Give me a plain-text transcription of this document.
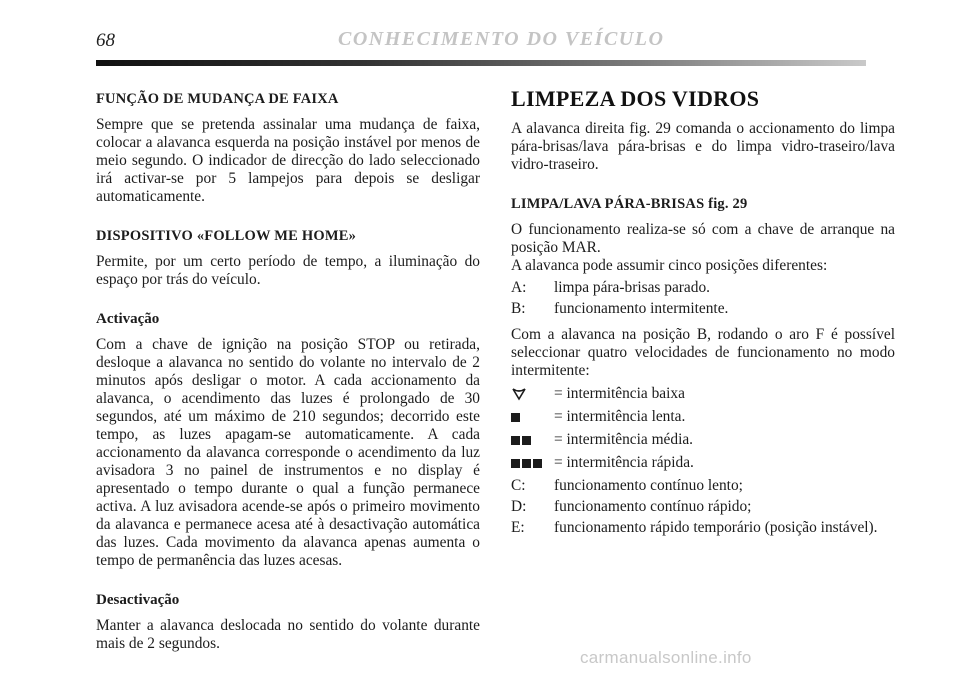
68	CONHECIMENTO DO VEÍCULO
FUNÇÃO DE MUDANÇA DE FAIXA

Sempre que se pretenda assinalar uma mudança de faixa, colocar a alavanca esquerda na posição instável por menos de meio segundo. O indicador de direcção do lado seleccionado irá activar-se por 5 lampejos para depois se desligar automaticamente.

DISPOSITIVO «FOLLOW ME HOME»

Permite, por um certo período de tempo, a iluminação do espaço por trás do veículo.

Activação

Com a chave de ignição na posição STOP ou retirada, desloque a alavanca no sentido do volante no intervalo de 2 minutos após desligar o motor. A cada accionamento da alavanca, o acendimento das luzes é prolongado de 30 segundos, até um máximo de 210 segundos; decorrido este tempo, as luzes apagam-se automaticamente. A cada accionamento da alavanca corresponde o acendimento da luz avisadora 3 no painel de instrumentos e no display é apresentado o tempo durante o qual a função permanece activa. A luz avisadora acende-se após o primeiro movimento da alavanca e permanece acesa até à desactivação automática das luzes. Cada movimento da alavanca apenas aumenta o tempo de permanência das luzes acesas.

Desactivação

Manter a alavanca deslocada no sentido do volante durante mais de 2 segundos.

LIMPEZA DOS VIDROS

A alavanca direita fig. 29 comanda o accionamento do limpa pára-brisas/lava pára-brisas e do limpa vidro-traseiro/lava vidro-traseiro.

LIMPA/LAVA PÁRA-BRISAS fig. 29

O funcionamento realiza-se só com a chave de arranque na posição MAR.

A alavanca pode assumir cinco posições diferentes:

A:	limpa pára-brisas parado.
B:	funcionamento intermitente.

Com a alavanca na posição B, rodando o aro F é possível seleccionar quatro velocidades de funcionamento no modo intermitente:

= intermitência baixa
= intermitência lenta.
= intermitência média.
= intermitência rápida.
C:	funcionamento contínuo lento;
D:	funcionamento contínuo rápido;
E:	funcionamento rápido temporário (posição instável).
carmanualsonline.info
